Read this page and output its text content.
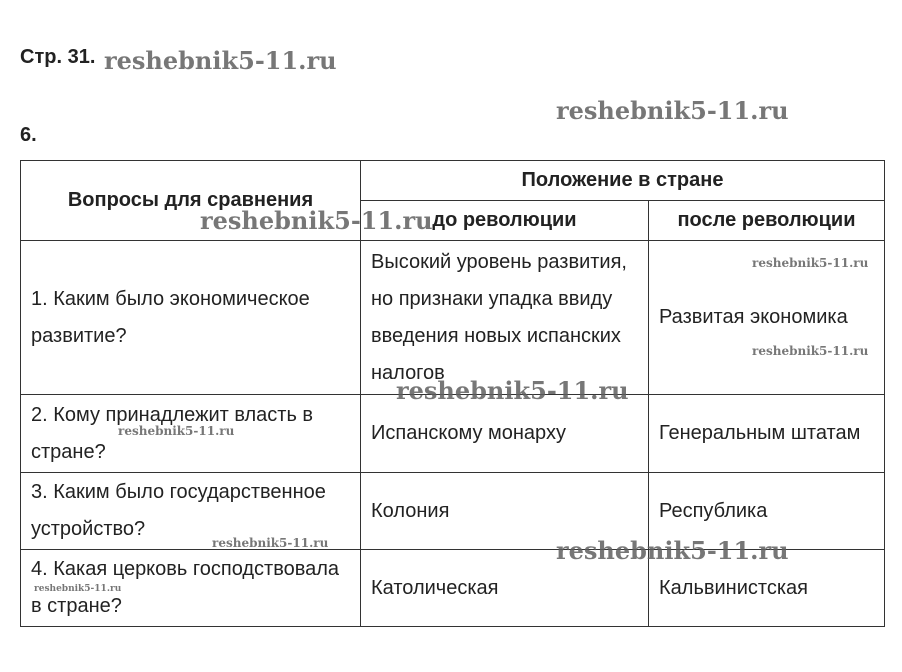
Стр. 31.
6.
Вопросы для сравнения	Положение в стране	
	до революции	после революции

1. Каким было экономическое развитие?	Высокий уровень развития, но признаки упадка ввиду введения новых испанских налогов	Развитая экономика

2. Кому принадлежит власть в стране?	Испанскому монарху	Генеральным штатам

3. Каким было государственное устройство?	Колония	Республика

4. Какая церковь господствовала в стране?	Католическая	Кальвинистская
reshebnik5-11.ru
reshebnik5-11.ru
reshebnik5-11.ru
reshebnik5-11.ru
reshebnik5-11.ru
reshebnik5-11.ru
reshebnik5-11.ru
reshebnik5-11.ru	reshebnik5-11.ru
reshebnik5-11.ru
